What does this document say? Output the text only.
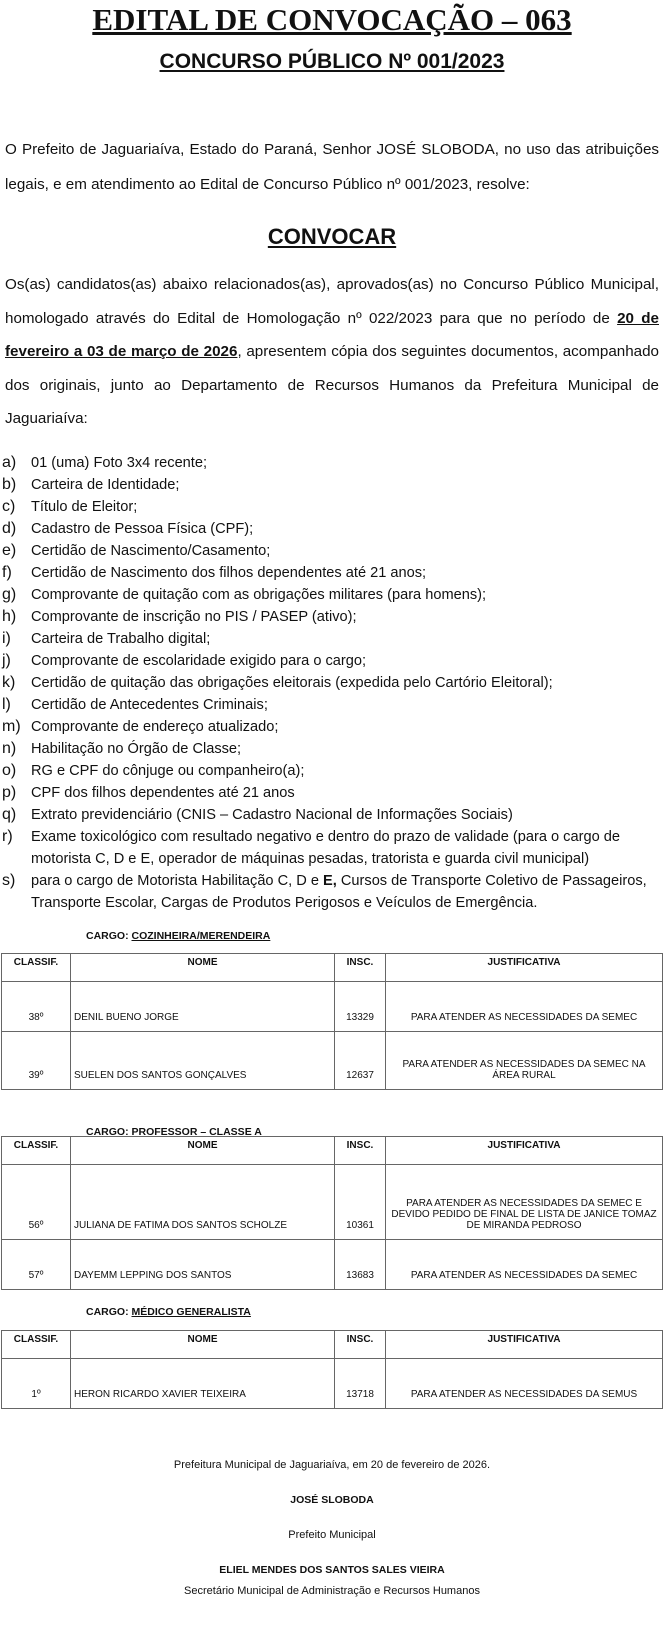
EDITAL DE CONVOCAÇÃO – 063
CONCURSO PÚBLICO Nº 001/2023
O Prefeito de Jaguariaíva, Estado do Paraná, Senhor JOSÉ SLOBODA, no uso das atribuições legais, e em atendimento ao Edital de Concurso Público nº 001/2023, resolve:
CONVOCAR
Os(as) candidatos(as) abaixo relacionados(as), aprovados(as) no Concurso Público Municipal, homologado através do Edital de Homologação nº 022/2023 para que no período de 20 de fevereiro a 03 de março de 2026, apresentem cópia dos seguintes documentos, acompanhado dos originais, junto ao Departamento de Recursos Humanos da Prefeitura Municipal de Jaguariaíva:
a)	01 (uma) Foto 3x4 recente;
b)	Carteira de Identidade;
c)	Título de Eleitor;
d)	Cadastro de Pessoa Física (CPF);
e)	Certidão de Nascimento/Casamento;
f)	Certidão de Nascimento dos filhos dependentes até 21 anos;
g)	Comprovante de quitação com as obrigações militares (para homens);
h)	Comprovante de inscrição no PIS / PASEP (ativo);
i)	Carteira de Trabalho digital;
j)	Comprovante de escolaridade exigido para o cargo;
k)	Certidão de quitação das obrigações eleitorais (expedida pelo Cartório Eleitoral);
l)	Certidão de Antecedentes Criminais;
m) Comprovante de endereço atualizado;
n)	Habilitação no Órgão de Classe;
o)	RG e CPF do cônjuge ou companheiro(a);
p)	CPF dos filhos dependentes até 21 anos
q)	Extrato previdenciário (CNIS – Cadastro Nacional de Informações Sociais)
r)	Exame toxicológico com resultado negativo e dentro do prazo de validade (para o cargo de motorista C, D e E, operador de máquinas pesadas, tratorista e guarda civil municipal)
s)	para o cargo de Motorista Habilitação C, D e E, Cursos de Transporte Coletivo de Passageiros, Transporte Escolar, Cargas de Produtos Perigosos e Veículos de Emergência.
CARGO: COZINHEIRA/MERENDEIRA
CLASSIF.	NOME	INSC.	JUSTIFICATIVA
38º	DENIL BUENO JORGE	13329	PARA ATENDER AS NECESSIDADES DA SEMEC
39º	SUELEN DOS SANTOS GONÇALVES	12637	PARA ATENDER AS NECESSIDADES DA SEMEC NA ÁREA RURAL
CARGO: PROFESSOR – CLASSE A
CLASSIF.	NOME	INSC.	JUSTIFICATIVA
56º	JULIANA DE FATIMA DOS SANTOS SCHOLZE	10361	PARA ATENDER AS NECESSIDADES DA SEMEC E DEVIDO PEDIDO DE FINAL DE LISTA DE JANICE TOMAZ DE MIRANDA PEDROSO
57º	DAYEMM LEPPING DOS SANTOS	13683	PARA ATENDER AS NECESSIDADES DA SEMEC
CARGO: MÉDICO GENERALISTA
CLASSIF.	NOME	INSC.	JUSTIFICATIVA
1º	HERON RICARDO XAVIER TEIXEIRA	13718	PARA ATENDER AS NECESSIDADES DA SEMUS
Prefeitura Municipal de Jaguariaíva, em 20 de fevereiro de 2026.
JOSÉ SLOBODA
Prefeito Municipal
ELIEL MENDES DOS SANTOS SALES VIEIRA
Secretário Municipal de Administração e Recursos Humanos
